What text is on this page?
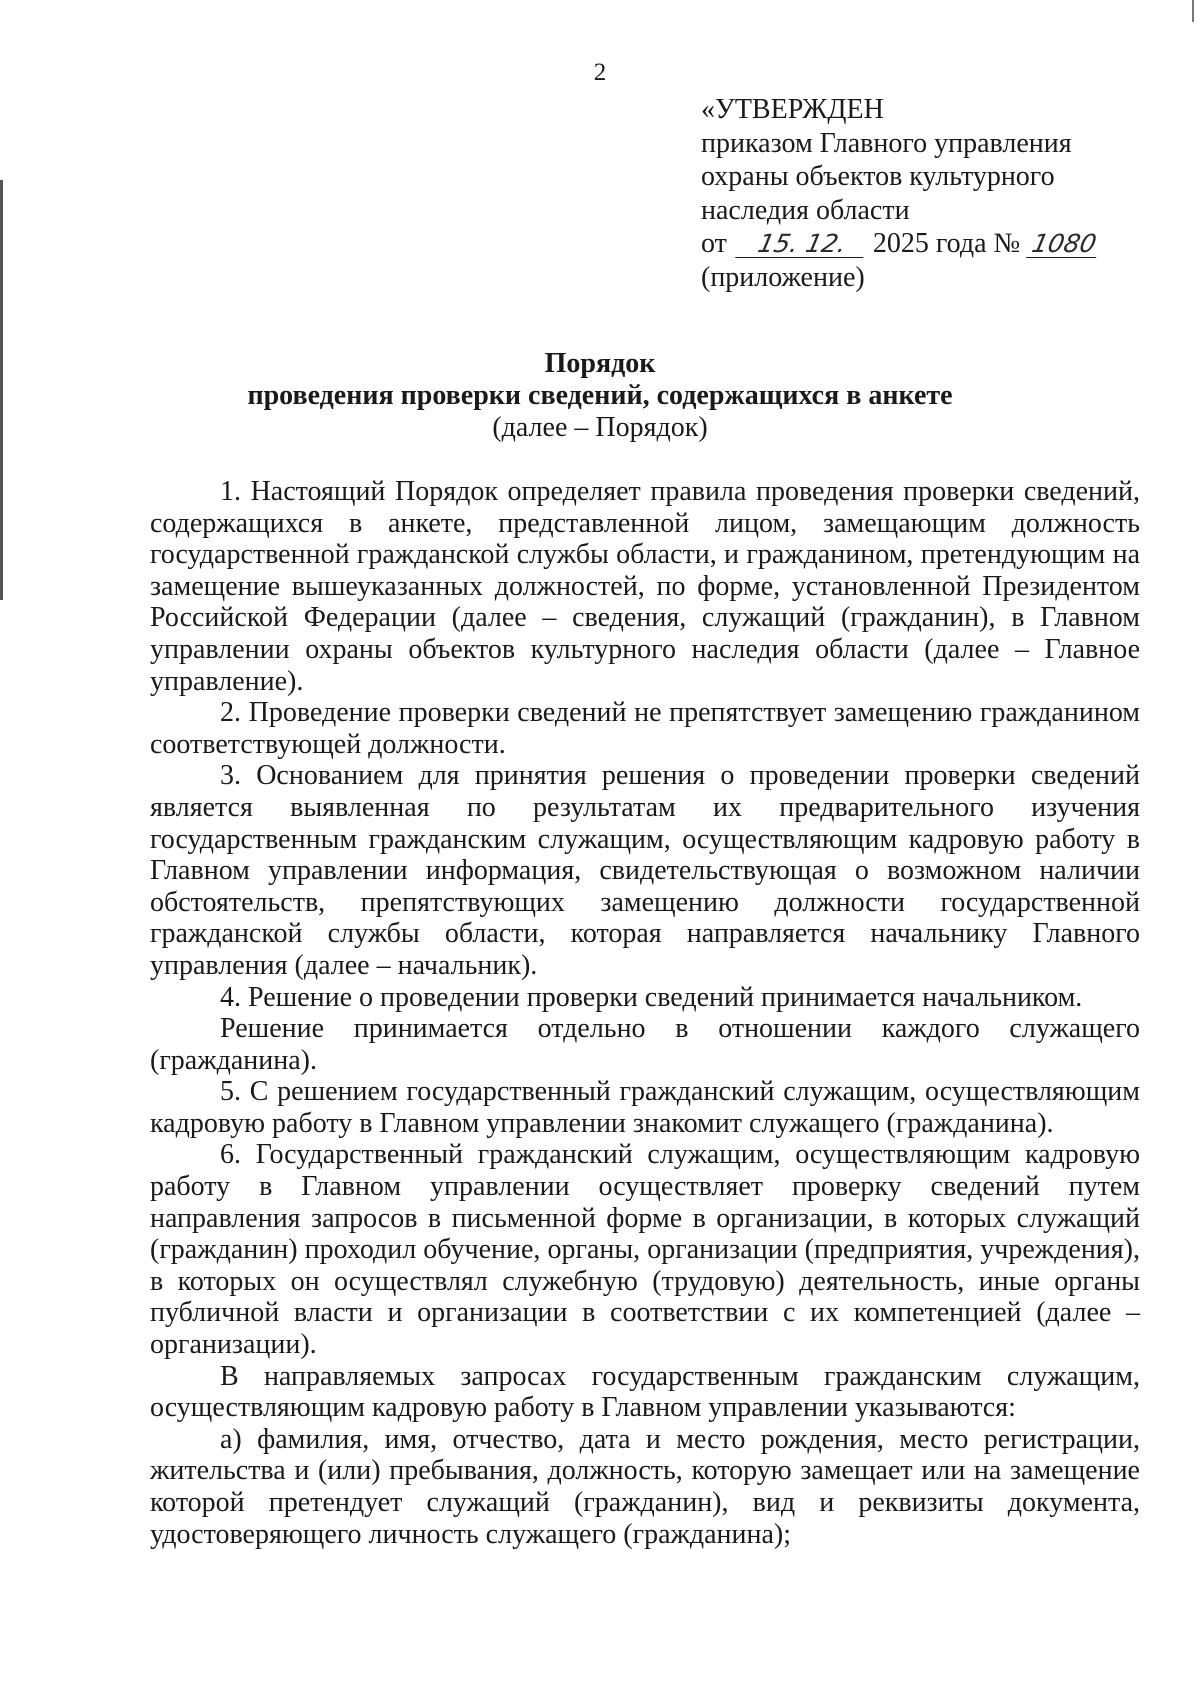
2
«УТВЕРЖДЕН
приказом Главного управления
охраны объектов культурного
наследия области
от 15. 12. 2025 года № 1080
(приложение)
Порядок
проведения проверки сведений, содержащихся в анкете
(далее – Порядок)

1. Настоящий Порядок определяет правила проведения проверки сведений, содержащихся в анкете, представленной лицом, замещающим должность государственной гражданской службы области, и гражданином, претендующим на замещение вышеуказанных должностей, по форме, установленной Президентом Российской Федерации (далее – сведения, служащий (гражданин), в Главном управлении охраны объектов культурного наследия области (далее – Главное управление).

2. Проведение проверки сведений не препятствует замещению гражданином соответствующей должности.

3. Основанием для принятия решения о проведении проверки сведений является выявленная по результатам их предварительного изучения государственным гражданским служащим, осуществляющим кадровую работу в Главном управлении информация, свидетельствующая о возможном наличии обстоятельств, препятствующих замещению должности государственной гражданской службы области, которая направляется начальнику Главного управления (далее – начальник).

4. Решение о проведении проверки сведений принимается начальником.

Решение принимается отдельно в отношении каждого служащего (гражданина).

5. С решением государственный гражданский служащим, осуществляющим кадровую работу в Главном управлении знакомит служащего (гражданина).

6. Государственный гражданский служащим, осуществляющим кадровую работу в Главном управлении осуществляет проверку сведений путем направления запросов в письменной форме в организации, в которых служащий (гражданин) проходил обучение, органы, организации (предприятия, учреждения), в которых он осуществлял служебную (трудовую) деятельность, иные органы публичной власти и организации в соответствии с их компетенцией (далее – организации).

В направляемых запросах государственным гражданским служащим, осуществляющим кадровую работу в Главном управлении указываются:

а) фамилия, имя, отчество, дата и место рождения, место регистрации, жительства и (или) пребывания, должность, которую замещает или на замещение которой претендует служащий (гражданин), вид и реквизиты документа, удостоверяющего личность служащего (гражданина);
